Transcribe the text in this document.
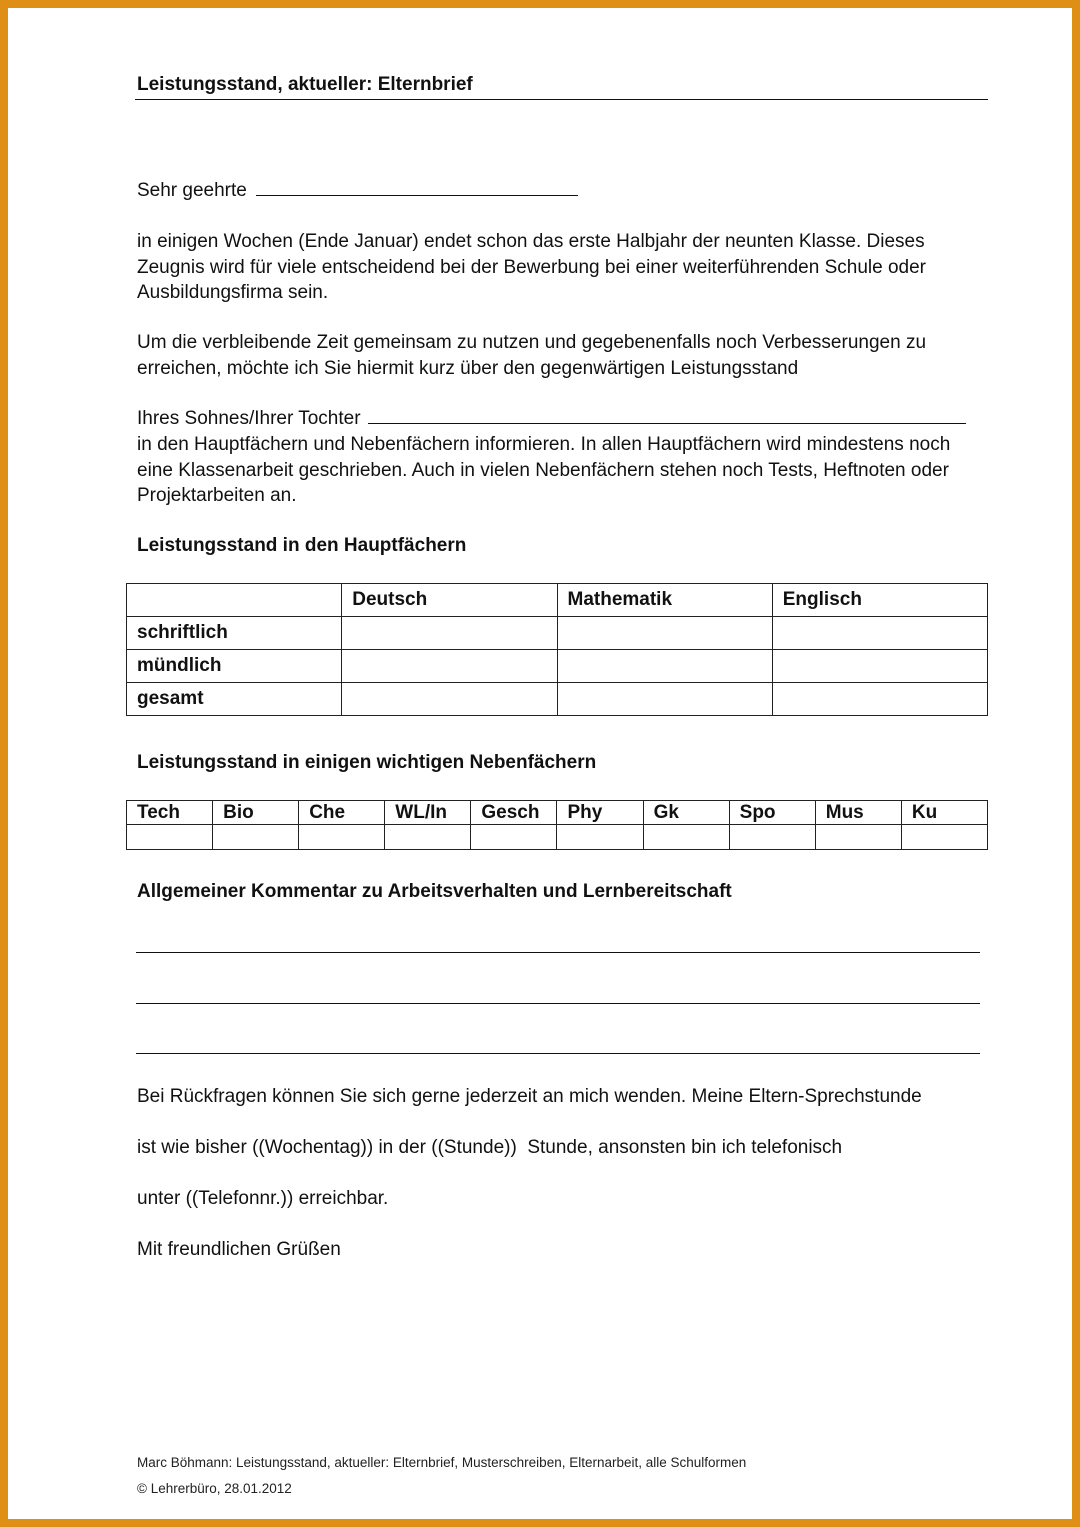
Leistungsstand, aktueller: Elternbrief
Sehr geehrte
in einigen Wochen (Ende Januar) endet schon das erste Halbjahr der neunten Klasse. Dieses Zeugnis wird für viele entscheidend bei der Bewerbung bei einer weiterführenden Schule oder Ausbildungsfirma sein.
Um die verbleibende Zeit gemeinsam zu nutzen und gegebenenfalls noch Verbesserungen zu erreichen, möchte ich Sie hiermit kurz über den gegenwärtigen Leistungsstand
Ihres Sohnes/Ihrer Tochter
in den Hauptfächern und Nebenfächern informieren. In allen Hauptfächern wird mindestens noch eine Klassenarbeit geschrieben. Auch in vielen Nebenfächern stehen noch Tests, Heftnoten oder Projektarbeiten an.
Leistungsstand in den Hauptfächern
	Deutsch	Mathematik	Englisch
schriftlich			
mündlich			
gesamt			
Leistungsstand in einigen wichtigen Nebenfächern
Tech	Bio	Che	WL/In	Gesch	Phy	Gk	Spo	Mus	Ku

Allgemeiner Kommentar zu Arbeitsverhalten und Lernbereitschaft
Bei Rückfragen können Sie sich gerne jederzeit an mich wenden. Meine Eltern-Sprechstunde
ist wie bisher ((Wochentag)) in der ((Stunde))  Stunde, ansonsten bin ich telefonisch
unter ((Telefonnr.)) erreichbar.
Mit freundlichen Grüßen
Marc Böhmann: Leistungsstand, aktueller: Elternbrief, Musterschreiben, Elternarbeit, alle Schulformen
© Lehrerbüro, 28.01.2012
